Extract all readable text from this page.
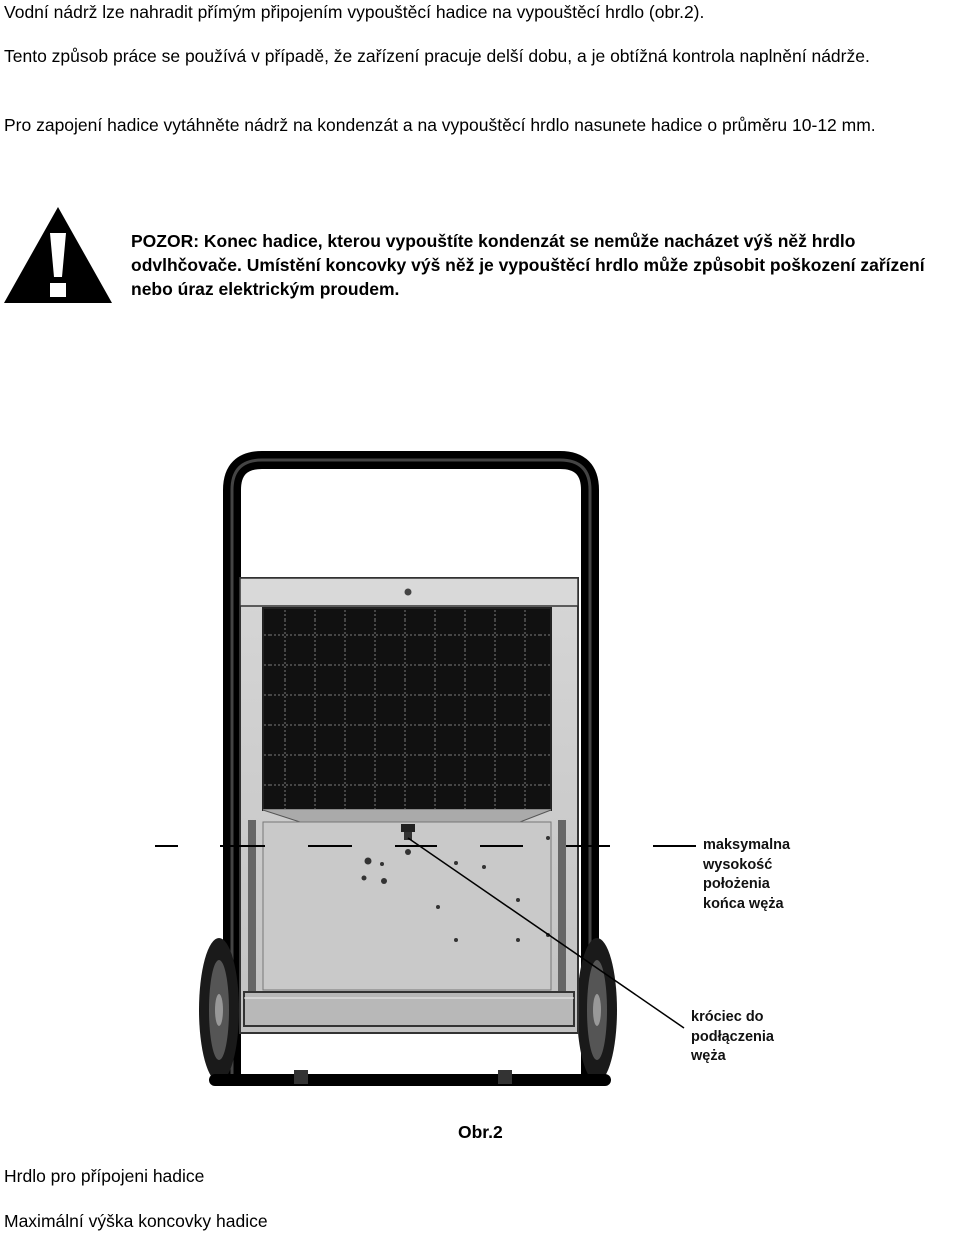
Vodní nádrž lze nahradit přímým připojením vypouštěcí hadice na vypouštěcí hrdlo (obr.2).

Tento způsob práce se používá v případě, že zařízení pracuje delší dobu, a je obtížná kontrola naplnění nádrže.

Pro zapojení hadice vytáhněte nádrž na kondenzát a na vypouštěcí hrdlo nasunete hadice o průměru 10-12 mm.

POZOR: Konec hadice, kterou vypouštíte kondenzát se nemůže nacházet výš něž hrdlo odvlhčovače. Umístění koncovky výš něž je vypouštěcí hrdlo může způsobit poškození zařízení nebo úraz elektrickým proudem.

maksymalna
wysokość
położenia
końca węża
króciec do
podłączenia
węża

Obr.2

Hrdlo pro přípojeni hadice

Maximální výška koncovky hadice
